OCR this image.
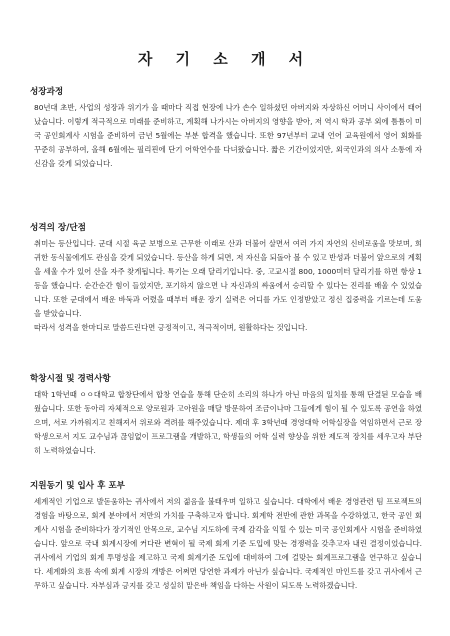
자 기 소 개 서
성장과정

80년대 초반, 사업의 성장과 위기가 을 때마다 직접 현장에 나가 손수 일하셨던 아버지와 자상하신 어머니 사이에서 태어났습니다. 이렇게 적극적으로 미래를 준비하고, 계획해 나가시는 아버지의 영향을 받아, 저 역시 학과 공부 외에 틈틈이 미국 공인회계사 시험을 준비하여 금년 5월에는 부분 합격을 했습니다. 또한 97년부터 교내 언어 교육원에서 영어 회화를 꾸준히 공부하여, 올해 6월에는 필리핀에 단기 어학연수를 다녀왔습니다. 짧은 기간이었지만, 외국인과의 의사 소통에 자신감을 갖게 되었습니다.

성격의 장/단점

취미는 등산입니다. 군대 시절 육군 보병으로 근무한 이래로 산과 더불어 살면서 여러 가지 자연의 신비로움을 맛보며, 희귀한 동식물에게도 관심을 갖게 되었습니다. 등산을 하게 되면, 저 자신을 되돌아 볼 수 있고 반성과 더불어 앞으로의 계획을 세울 수가 있어 산을 자주 찾게됩니다. 특기는 오래 달리기입니다. 중, 고교시절 800, 1000미터 달리기를 하면 항상 1등을 했습니다. 순간순간 힘이 들었지만, 포기하지 않으면 나 자신과의 싸움에서 승리할 수 있다는 진리를 배울 수 있었습니다. 또한 군대에서 배운 바둑과 어렸을 때부터 배운 장기 실력은 어디를 가도 인정받았고 정신 집중력을 기르는데 도움을 받았습니다.

따라서 성격을 한마디로 말씀드린다면 긍정적이고, 적극적이며, 원활하다는 것입니다.

학창시절 및 경력사항

대학 1학년때 ㅇㅇ대학교 합창단에서 합창 연습을 통해 단순히 소리의 하나가 아닌 마음의 일치를 통해 단결된 모습을 배웠습니다. 또한 동아리 자체적으로 양로원과 고아원을 매달 방문하여 조금이나마 그들에게 힘이 될 수 있도록 공연을 하였으며, 서로 가까워지고 친해져서 위로와 격려를 해주었습니다. 제대 후 3학년때 경영대학 어학실장을 역임하면서 근로 장학생으로서 지도 교수님과 끊임없이 프로그램을 개발하고, 학생들의 어학 실력 향상을 위한 제도적 장치를 세우고자 부단히 노력하였습니다.

지원동기 및 입사 후 포부

세계적인 기업으로 발돋움하는 귀사에서 저의 젊음을 불태우며 일하고 싶습니다. 대학에서 배운 경영관련 팀 프로젝트의 경험을 바탕으로, 회계 분야에서 저만의 가치를 구축하고자 합니다. 회계학 전반에 관한 과목을 수강하였고, 한국 공인 회계사 시험을 준비하다가 장기적인 안목으로, 교수님 지도하에 국제 감각을 익힐 수 있는 미국 공인회계사 시험을 준비하였습니다. 앞으로 국내 회계시장에 커다란 변혁이 될 국제 회계 기준 도입에 맞는 경쟁력을 갖추고자 내린 결정이었습니다. 귀사에서 기업의 회계 투명성을 제고하고 국제 회계기준 도입에 대비하여 그에 걸맞는 회계프로그램을 연구하고 싶습니다. 세계화의 흐름 속에 회계 시장의 개방은 어쩌면 당연한 과제가 아닌가 싶습니다. 국제적인 마인드를 갖고 귀사에서 근무하고 싶습니다. 자부심과 긍지를 갖고 성실히 맡은바 책임을 다하는 사원이 되도록 노력하겠습니다.
